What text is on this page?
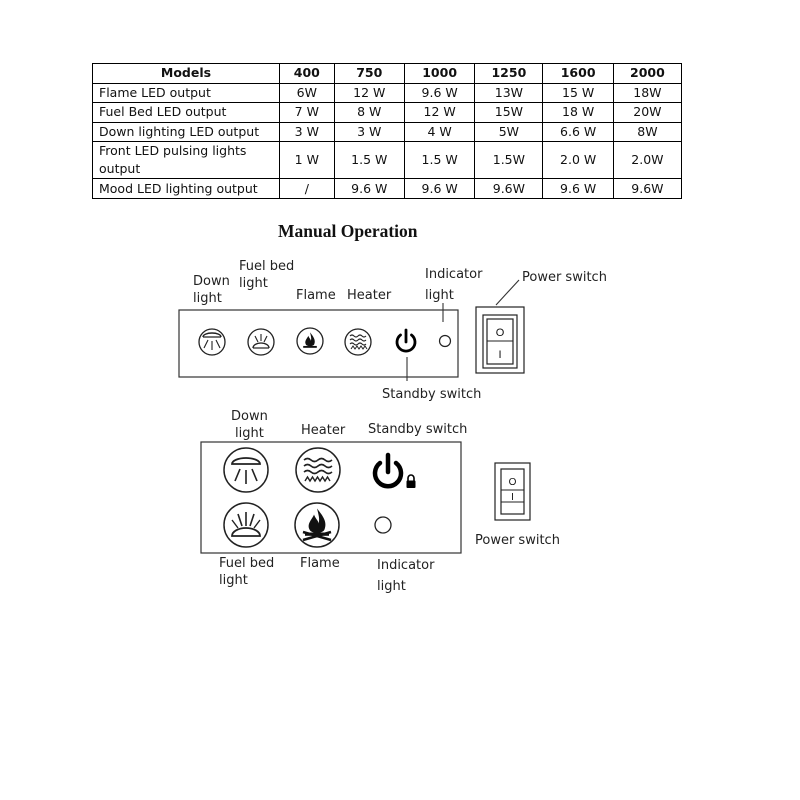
Models	400	750	1000	1250	1600	2000
Flame LED output	6W	12 W	9.6 W	13W	15 W	18W
Fuel Bed LED output	7 W	8 W	12 W	15W	18 W	20W
Down lighting LED output	3 W	3 W	4 W	5W	6.6 W	8W
Front LED pulsing lights output	1 W	1.5 W	1.5 W	1.5W	2.0 W	2.0W
Mood LED lighting output	/	9.6 W	9.6 W	9.6W	9.6 W	9.6W
Manual Operation
O
I
O
I
Down
light
Fuel bed
light
Flame Heater
Indicator
light
Power switch
Standby switch
Down
light	Heater Standby switch
Fuel bed
light
Flame	Indicator
light
Power switch
